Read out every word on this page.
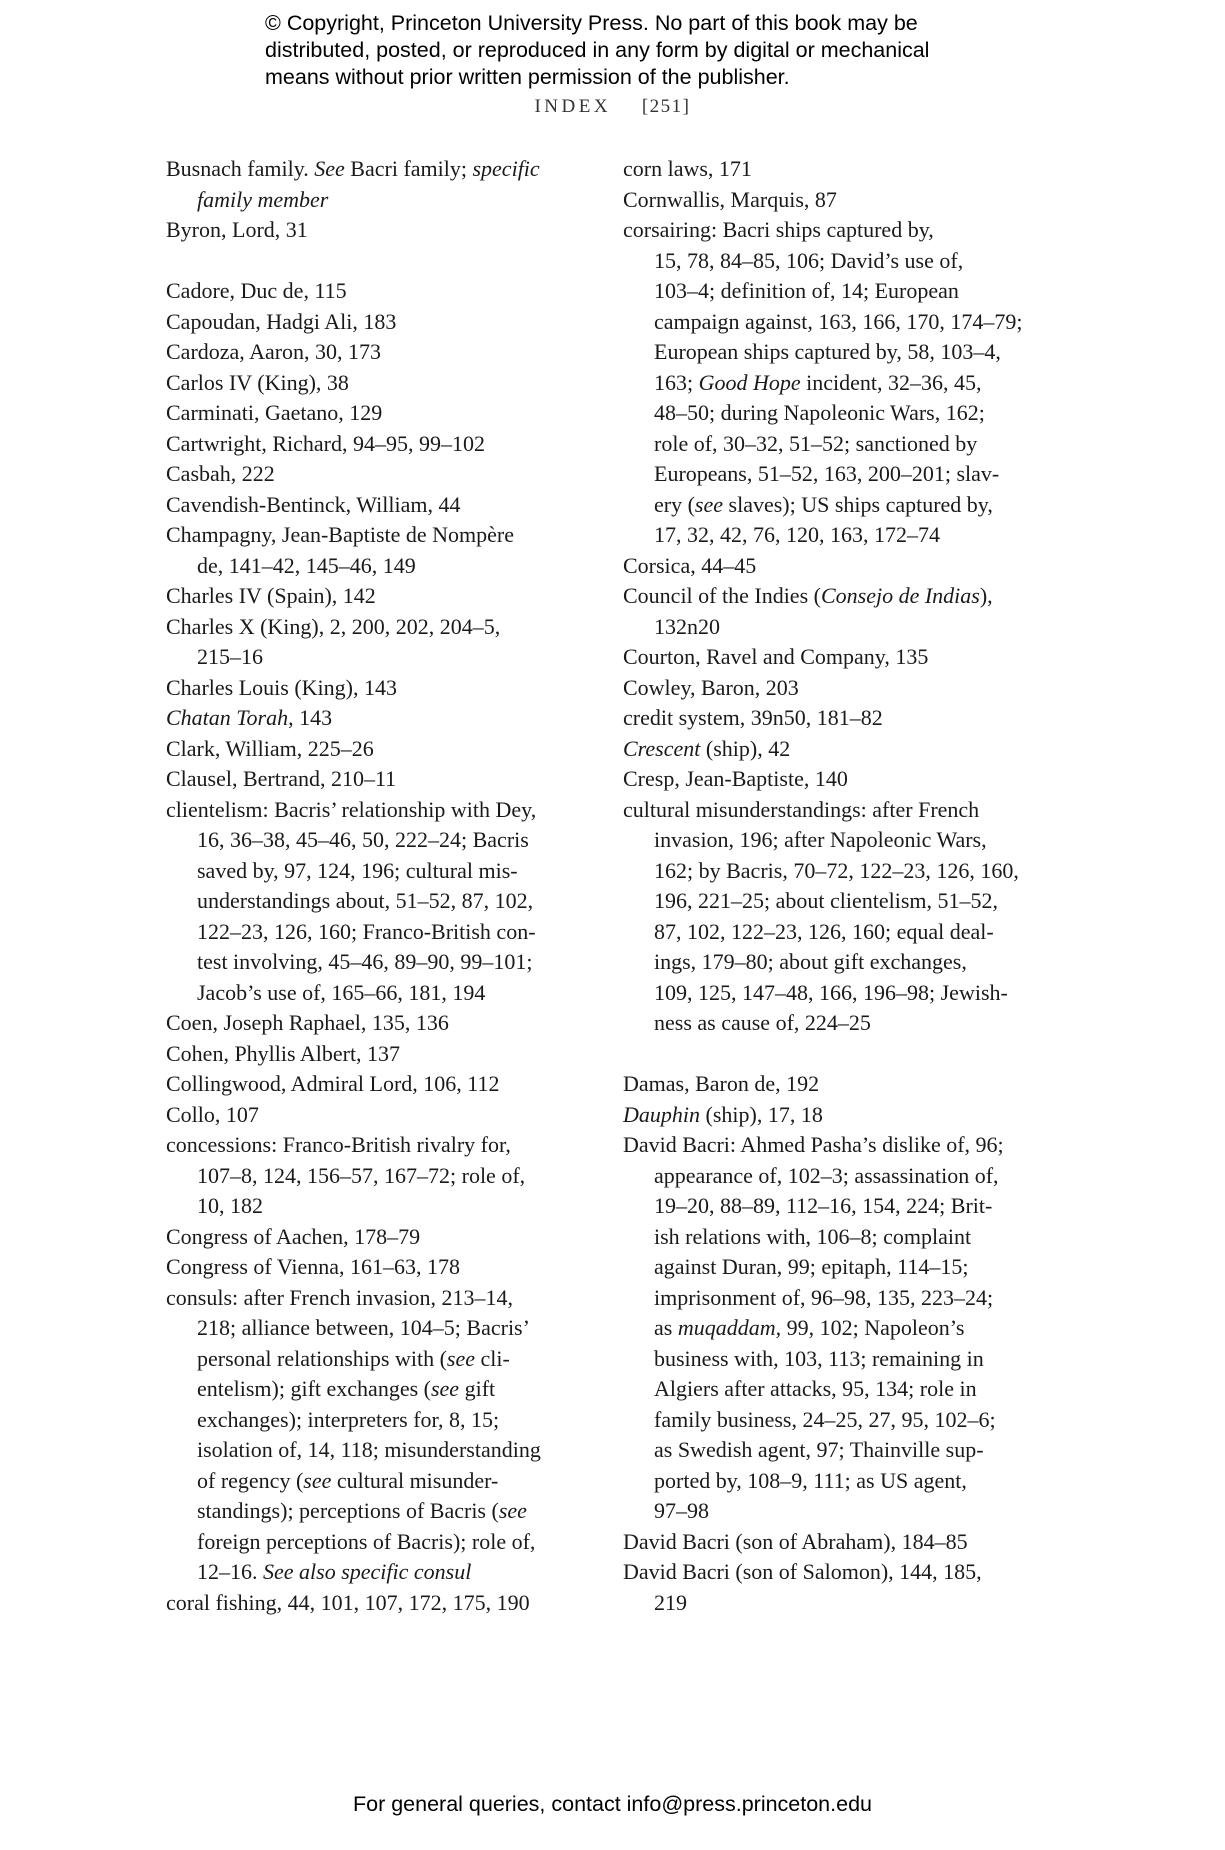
© Copyright, Princeton University Press. No part of this book may be
distributed, posted, or reproduced in any form by digital or mechanical
means without prior written permission of the publisher.
INDEX [251]
Busnach family. See Bacri family; specific
family member
Byron, Lord, 31
Cadore, Duc de, 115
Capoudan, Hadgi Ali, 183
Cardoza, Aaron, 30, 173
Carlos IV (King), 38
Carminati, Gaetano, 129
Cartwright, Richard, 94–95, 99–102
Casbah, 222
Cavendish-Bentinck, William, 44
Champagny, Jean-Baptiste de Nompère
de, 141–42, 145–46, 149
Charles IV (Spain), 142
Charles X (King), 2, 200, 202, 204–5,
215–16
Charles Louis (King), 143
Chatan Torah, 143
Clark, William, 225–26
Clausel, Bertrand, 210–11
clientelism: Bacris’ relationship with Dey,
16, 36–38, 45–46, 50, 222–24; Bacris
saved by, 97, 124, 196; cultural mis-
understandings about, 51–52, 87, 102,
122–23, 126, 160; Franco-British con-
test involving, 45–46, 89–90, 99–101;
Jacob’s use of, 165–66, 181, 194
Coen, Joseph Raphael, 135, 136
Cohen, Phyllis Albert, 137
Collingwood, Admiral Lord, 106, 112
Collo, 107
concessions: Franco-British rivalry for,
107–8, 124, 156–57, 167–72; role of,
10, 182
Congress of Aachen, 178–79
Congress of Vienna, 161–63, 178
consuls: after French invasion, 213–14,
218; alliance between, 104–5; Bacris’
personal relationships with (see cli-
entelism); gift exchanges (see gift
exchanges); interpreters for, 8, 15;
isolation of, 14, 118; misunderstanding
of regency (see cultural misunder-
standings); perceptions of Bacris (see
foreign perceptions of Bacris); role of,
12–16. See also specific consul
coral fishing, 44, 101, 107, 172, 175, 190
corn laws, 171
Cornwallis, Marquis, 87
corsairing: Bacri ships captured by,
15, 78, 84–85, 106; David’s use of,
103–4; definition of, 14; European
campaign against, 163, 166, 170, 174–79;
European ships captured by, 58, 103–4,
163; Good Hope incident, 32–36, 45,
48–50; during Napoleonic Wars, 162;
role of, 30–32, 51–52; sanctioned by
Europeans, 51–52, 163, 200–201; slav-
ery (see slaves); US ships captured by,
17, 32, 42, 76, 120, 163, 172–74
Corsica, 44–45
Council of the Indies (Consejo de Indias),
132n20
Courton, Ravel and Company, 135
Cowley, Baron, 203
credit system, 39n50, 181–82
Crescent (ship), 42
Cresp, Jean-Baptiste, 140
cultural misunderstandings: after French
invasion, 196; after Napoleonic Wars,
162; by Bacris, 70–72, 122–23, 126, 160,
196, 221–25; about clientelism, 51–52,
87, 102, 122–23, 126, 160; equal deal-
ings, 179–80; about gift exchanges,
109, 125, 147–48, 166, 196–98; Jewish-
ness as cause of, 224–25
Damas, Baron de, 192
Dauphin (ship), 17, 18
David Bacri: Ahmed Pasha’s dislike of, 96;
appearance of, 102–3; assassination of,
19–20, 88–89, 112–16, 154, 224; Brit-
ish relations with, 106–8; complaint
against Duran, 99; epitaph, 114–15;
imprisonment of, 96–98, 135, 223–24;
as muqaddam, 99, 102; Napoleon’s
business with, 103, 113; remaining in
Algiers after attacks, 95, 134; role in
family business, 24–25, 27, 95, 102–6;
as Swedish agent, 97; Thainville sup-
ported by, 108–9, 111; as US agent,
97–98
David Bacri (son of Abraham), 184–85
David Bacri (son of Salomon), 144, 185,
219
For general queries, contact info@press.princeton.edu
